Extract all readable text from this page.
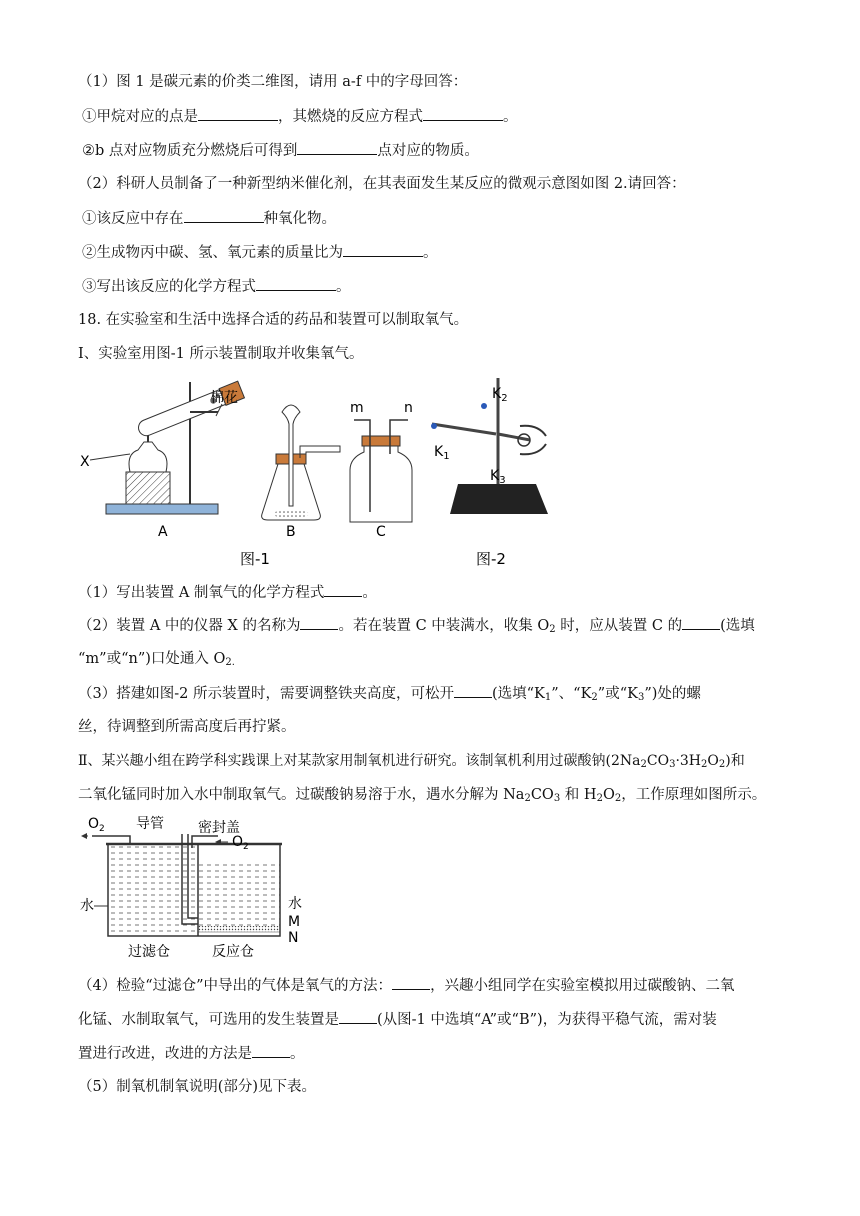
（1）图 1 是碳元素的价类二维图，请用 a-f 中的字母回答：
①甲烷对应的点是	，其燃烧的反应方程式	。
②b 点对应物质充分燃烧后可得到	点对应的物质。
（2）科研人员制备了一种新型纳米催化剂，在其表面发生某反应的微观示意图如图 2.请回答：
①该反应中存在	种氧化物。
②生成物丙中碳、氢、氧元素的质量比为	。
③写出该反应的化学方程式	。
18. 在实验室和生活中选择合适的药品和装置可以制取氧气。
Ⅰ、实验室用图-1 所示装置制取并收集氧气。
X
棉花
A	B
m	n
C
图-1
$K_2$
$K_1$
$K_3$
图-2
（1）写出装置 A 制氧气的化学方程式	。
（2）装置 A 中的仪器 X 的名称为	。若在装置 C 中装满水，收集 $O_2$ 时，应从装置 C 的	(选填
“m”或“n”)口处通入 $O_{2.}$
（3）搭建如图-2 所示装置时，需要调整铁夹高度，可松开	(选填“$K_1$”、“$K_2$”或“$K_3$”)处的螺
丝，待调整到所需高度后再拧紧。
Ⅱ、某兴趣小组在跨学科实践课上对某款家用制氧机进行研究。该制氧机利用过碳酸钠$(2Na_2CO_3\cdot 3H_2O_2)$和
二氧化锰同时加入水中制取氧气。过碳酸钠易溶于水，遇水分解为 $Na_2CO_3$ 和 $H_2O_2$，工作原理如图所示。
$O_2$ 导管 密封盖
$O_2$
水	水
M
N
过滤仓	反应仓
（4）检验“过滤仓”中导出的气体是氧气的方法：	，兴趣小组同学在实验室模拟用过碳酸钠、二氧
化锰、水制取氧气，可选用的发生装置是	(从图-1 中选填“A”或“B”)，为获得平稳气流，需对装
置进行改进，改进的方法是	。
（5）制氧机制氧说明(部分)见下表。
